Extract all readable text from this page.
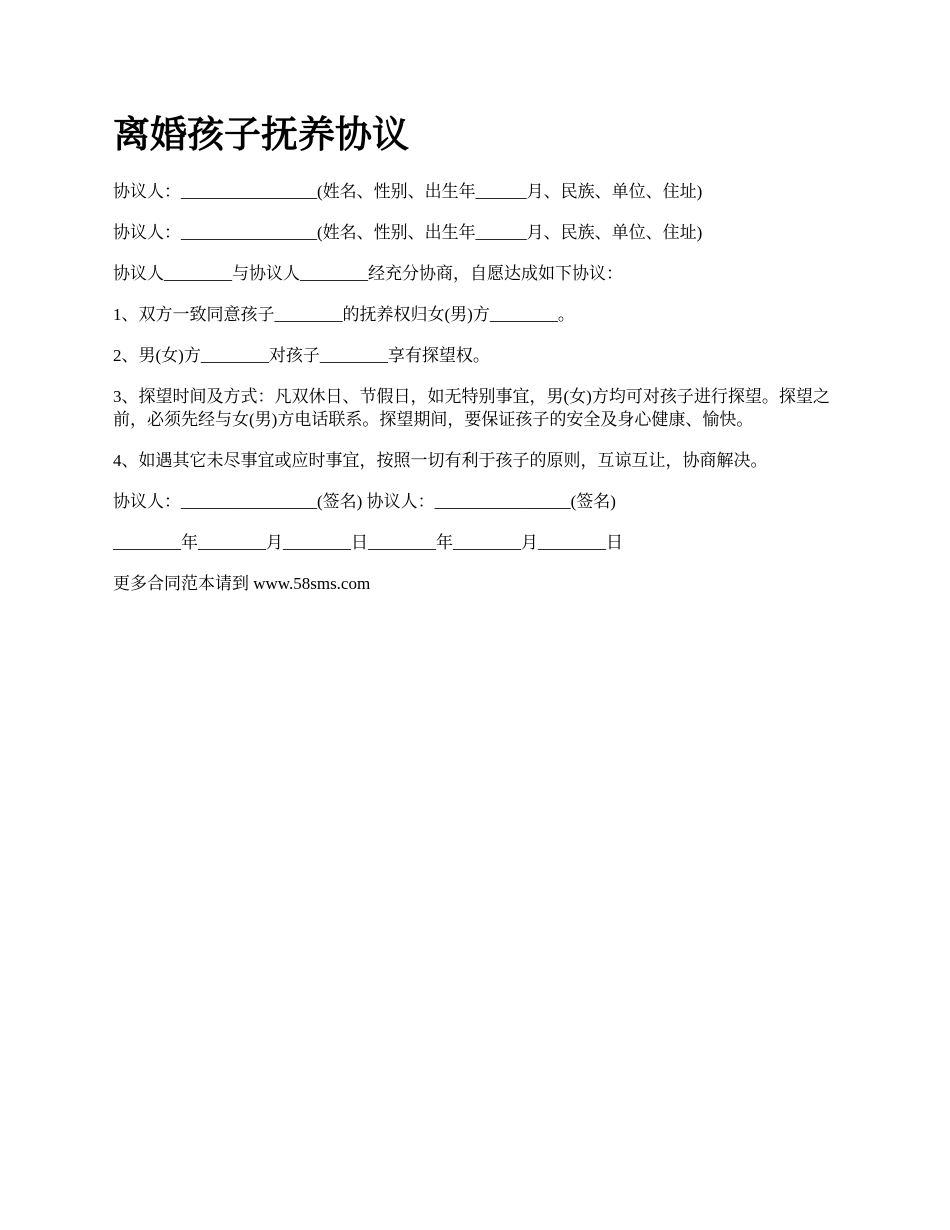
离婚孩子抚养协议

协议人：________________(姓名、性别、出生年______月、民族、单位、住址)

协议人：________________(姓名、性别、出生年______月、民族、单位、住址)

协议人________与协议人________经充分协商，自愿达成如下协议：

1、双方一致同意孩子________的抚养权归女(男)方________。

2、男(女)方________对孩子________享有探望权。

3、探望时间及方式：凡双休日、节假日，如无特别事宜，男(女)方均可对孩子进行探望。探望之前，必须先经与女(男)方电话联系。探望期间，要保证孩子的安全及身心健康、愉快。

4、如遇其它未尽事宜或应时事宜，按照一切有利于孩子的原则，互谅互让，协商解决。

协议人：________________(签名) 协议人：________________(签名)

________年________月________日________年________月________日

更多合同范本请到 www.58sms.com
